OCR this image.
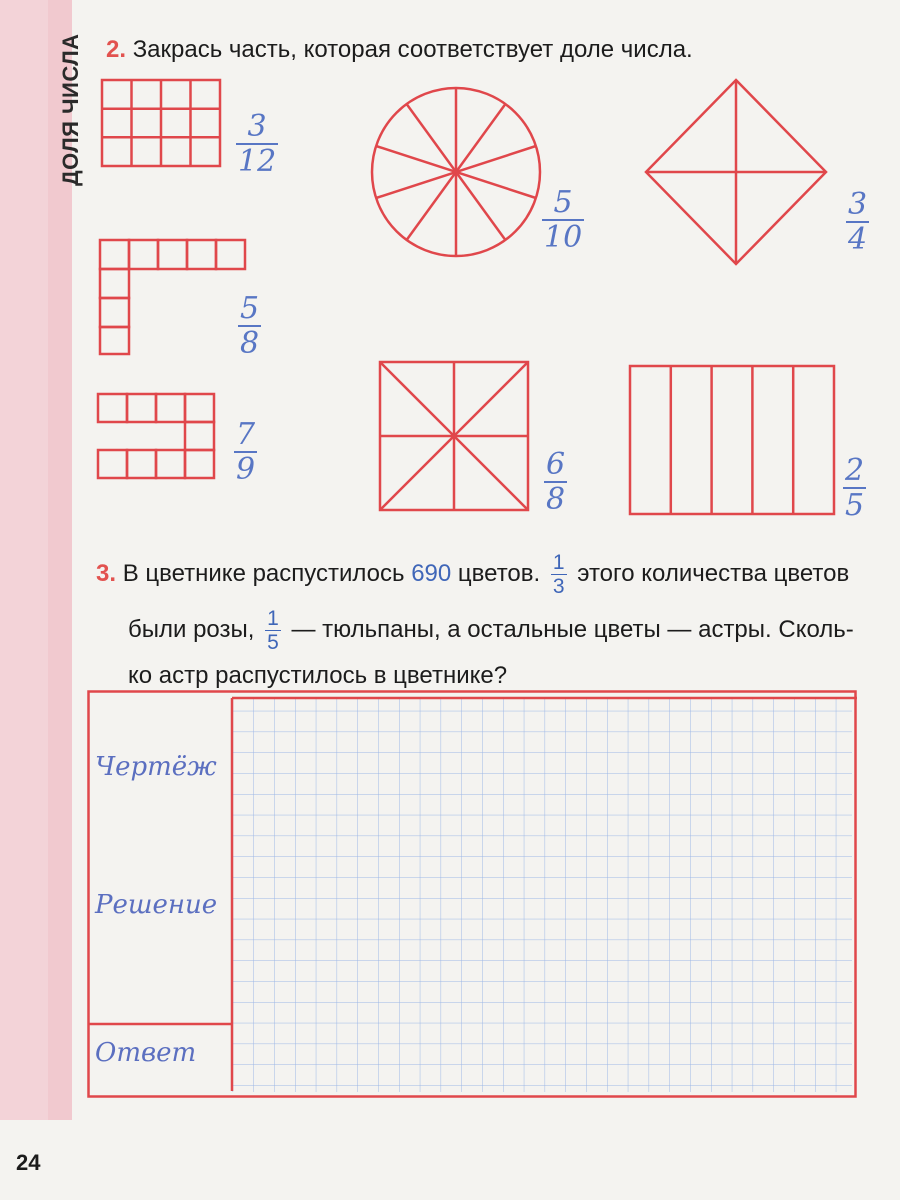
ДОЛЯ ЧИСЛА 2. Закрась часть, которая соответствует доле числа.
$\frac{3}{12}$
$\frac{5}{10}$	$\frac{3}{4}$
$\frac{5}{8}$
$\frac{7}{9}$	$\frac{6}{8}$	$\frac{2}{5}$
3. В цветнике распустилось 690 цветов. $\frac{1}{3}$ этого количества цветов
были розы, $\frac{1}{5}$ — тюльпаны, а остальные цветы — астры. Сколь-
ко астр распустилось в цветнике?
Чертёж
Решение
Ответ
24
